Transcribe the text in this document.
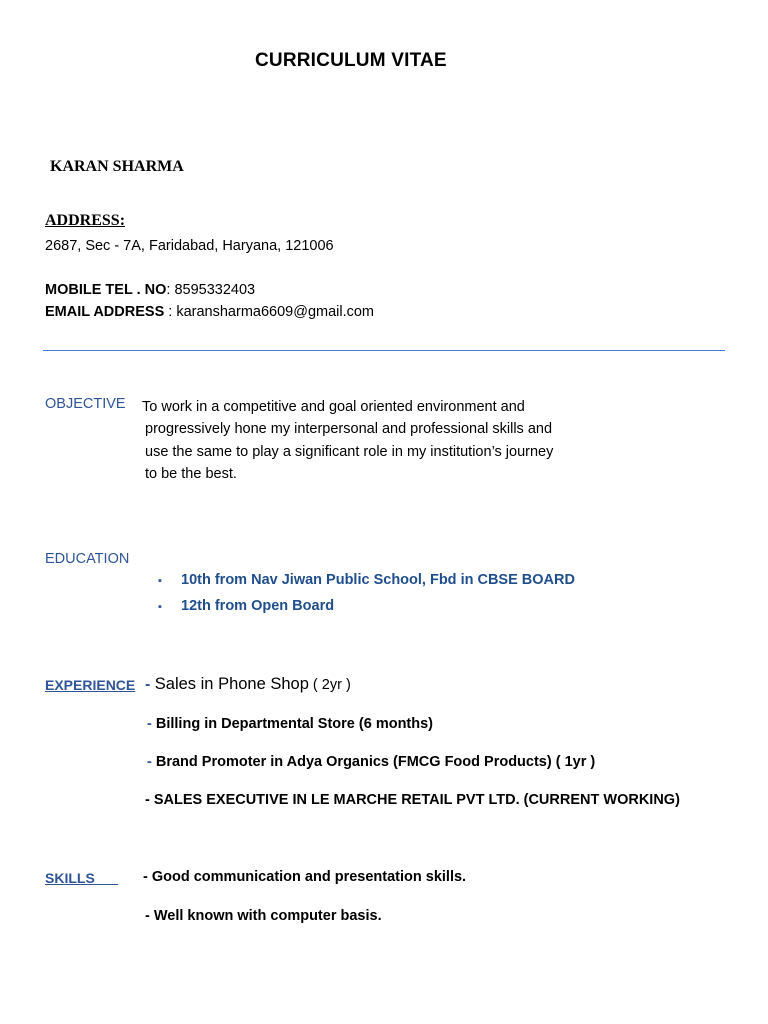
CURRICULUM VITAE
KARAN SHARMA
ADDRESS:
2687, Sec - 7A, Faridabad, Haryana, 121006
MOBILE TEL . NO: 8595332403
EMAIL ADDRESS : karansharma6609@gmail.com
OBJECTIVE To work in a competitive and goal oriented environment and
progressively hone my interpersonal and professional skills and
use the same to play a significant role in my institution’s journey
to be the best.
EDUCATION
▪ 10th from Nav Jiwan Public School, Fbd in CBSE BOARD
▪ 12th from Open Board
EXPERIENCE - Sales in Phone Shop ( 2yr )
- Billing in Departmental Store (6 months)
- Brand Promoter in Adya Organics (FMCG Food Products) ( 1yr )
- SALES EXECUTIVE IN LE MARCHE RETAIL PVT LTD. (CURRENT WORKING)
SKILLS	- Good communication and presentation skills.
- Well known with computer basis.
